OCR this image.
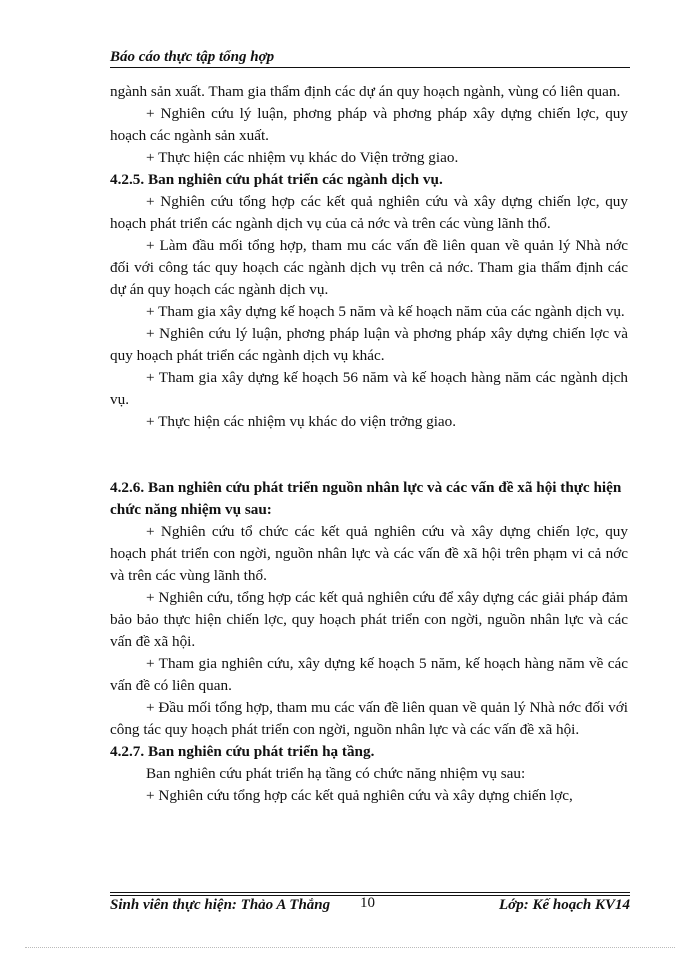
Báo cáo thực tập tổng hợp

ngành sản xuất. Tham gia thẩm định các dự án quy hoạch ngành, vùng có liên quan.

+ Nghiên cứu lý luận, phơng pháp và phơng pháp xây dựng chiến lợc, quy hoạch các ngành sản xuất.

+ Thực hiện các nhiệm vụ khác do Viện trởng giao.

4.2.5. Ban nghiên cứu phát triển các ngành dịch vụ.

+ Nghiên cứu tổng hợp các kết quả nghiên cứu và xây dựng chiến lợc, quy hoạch phát triển các ngành dịch vụ của cả nớc và trên các vùng lãnh thổ.

+ Làm đầu mối tổng hợp, tham mu các vấn đề liên quan về quản lý Nhà nớc đối với công tác quy hoạch các ngành dịch vụ trên cả nớc. Tham gia thẩm định các dự án quy hoạch các ngành dịch vụ.

+ Tham gia xây dựng kế hoạch 5 năm và kế hoạch năm của các ngành dịch vụ.

+ Nghiên cứu lý luận, phơng pháp luận và phơng pháp xây dựng chiến lợc và quy hoạch phát triển các ngành dịch vụ khác.

+ Tham gia xây dựng kế hoạch 56 năm và kế hoạch hàng năm các ngành dịch vụ.

+ Thực hiện các nhiệm vụ khác do viện trởng giao.

4.2.6. Ban nghiên cứu phát triển nguồn nhân lực và các vấn đề xã hội thực hiện chức năng nhiệm vụ sau:

+ Nghiên cứu tổ chức các kết quả nghiên cứu và xây dựng chiến lợc, quy hoạch phát triển con ngời, nguồn nhân lực và các vấn đề xã hội trên phạm vi cả nớc và trên các vùng lãnh thổ.

+ Nghiên cứu, tổng hợp các kết quả nghiên cứu để xây dựng các giải pháp đảm bảo bảo thực hiện chiến lợc, quy hoạch phát triển con ngời, nguồn nhân lực và các vấn đề xã hội.

+ Tham gia nghiên cứu, xây dựng kế hoạch 5 năm, kế hoạch hàng năm về các vấn đề có liên quan.

+ Đầu mối tổng hợp, tham mu các vấn đề liên quan về quản lý Nhà nớc đối với công tác quy hoạch phát triển con ngời, nguồn nhân lực và các vấn đề xã hội.

4.2.7. Ban nghiên cứu phát triển hạ tầng.

Ban nghiên cứu phát triển hạ tầng có chức năng nhiệm vụ sau:

+ Nghiên cứu tổng hợp các kết quả nghiên cứu và xây dựng chiến lợc,

Sinh viên thực hiện: Thảo A Thắng 10	Lớp: Kế hoạch KV14
